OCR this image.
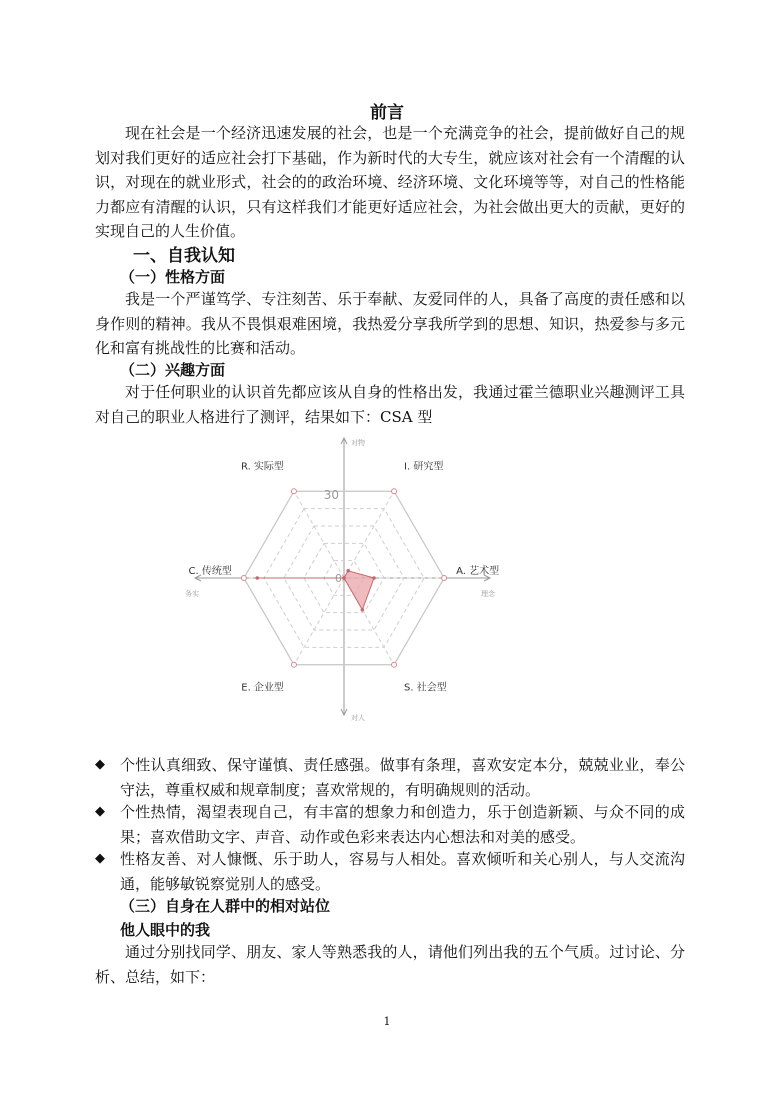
前言

现在社会是一个经济迅速发展的社会，也是一个充满竞争的社会，提前做好自己的规划对我们更好的适应社会打下基础，作为新时代的大专生，就应该对社会有一个清醒的认识，对现在的就业形式，社会的的政治环境、经济环境、文化环境等等，对自己的性格能力都应有清醒的认识，只有这样我们才能更好适应社会，为社会做出更大的贡献，更好的实现自己的人生价值。

一、自我认知
（一）性格方面

我是一个严谨笃学、专注刻苦、乐于奉献、友爱同伴的人，具备了高度的责任感和以身作则的精神。我从不畏惧艰难困境，我热爱分享我所学到的思想、知识，热爱参与多元化和富有挑战性的比赛和活动。

（二）兴趣方面

对于任何职业的认识首先都应该从自身的性格出发，我通过霍兰德职业兴趣测评工具对自己的职业人格进行了测评，结果如下：CSA 型

R. 实际型	I. 研究型
A. 艺术型
S. 社会型
E. 企业型
C. 传统型
30
0
对物
对人
务实	理念
◆	个性认真细致、保守谨慎、责任感强。做事有条理，喜欢安定本分，兢兢业业，奉公守法，尊重权威和规章制度；喜欢常规的，有明确规则的活动。
◆	个性热情，渴望表现自己，有丰富的想象力和创造力，乐于创造新颖、与众不同的成果；喜欢借助文字、声音、动作或色彩来表达内心想法和对美的感受。
◆	性格友善、对人慷慨、乐于助人，容易与人相处。喜欢倾听和关心别人，与人交流沟通，能够敏锐察觉别人的感受。
（三）自身在人群中的相对站位
他人眼中的我

通过分别找同学、朋友、家人等熟悉我的人，请他们列出我的五个气质。过讨论、分析、总结，如下：

1
